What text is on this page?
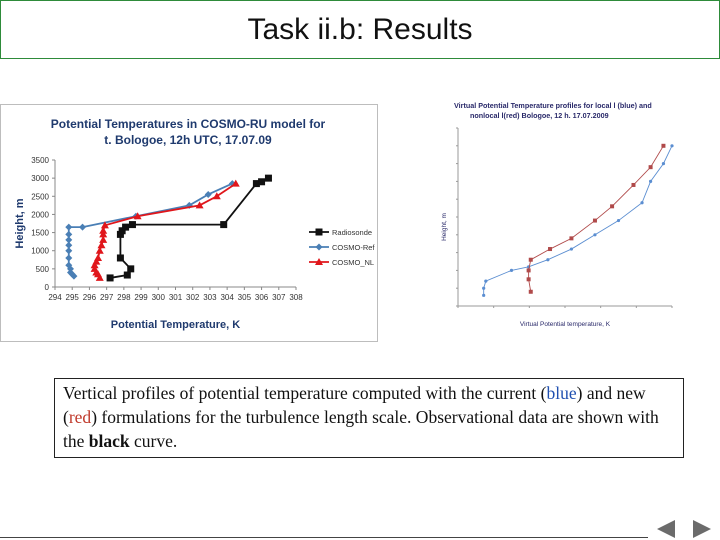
Task ii.b: Results
Potential Temperatures in COSMO-RU model for t. Bologoe, 12h UTC, 17.07.09
0
500
1000
1500
2000
2500
3000
3500
294 295 296 297 298 299 300 301 302 303 304 305 306 307 308
Potential Temperature, K
Height, m	Radiosonde
COSMO-Ref
COSMO_NL
Virtual Potential Temperature profiles for local l (blue) and nonlocal l(red) Bologoe, 12 h. 17.07.2009
Virtual Potential temperature, K
Height, m
Vertical profiles of potential temperature computed with the current (blue) and new (red) formulations for the turbulence length scale. Observational data are shown with the black curve.
